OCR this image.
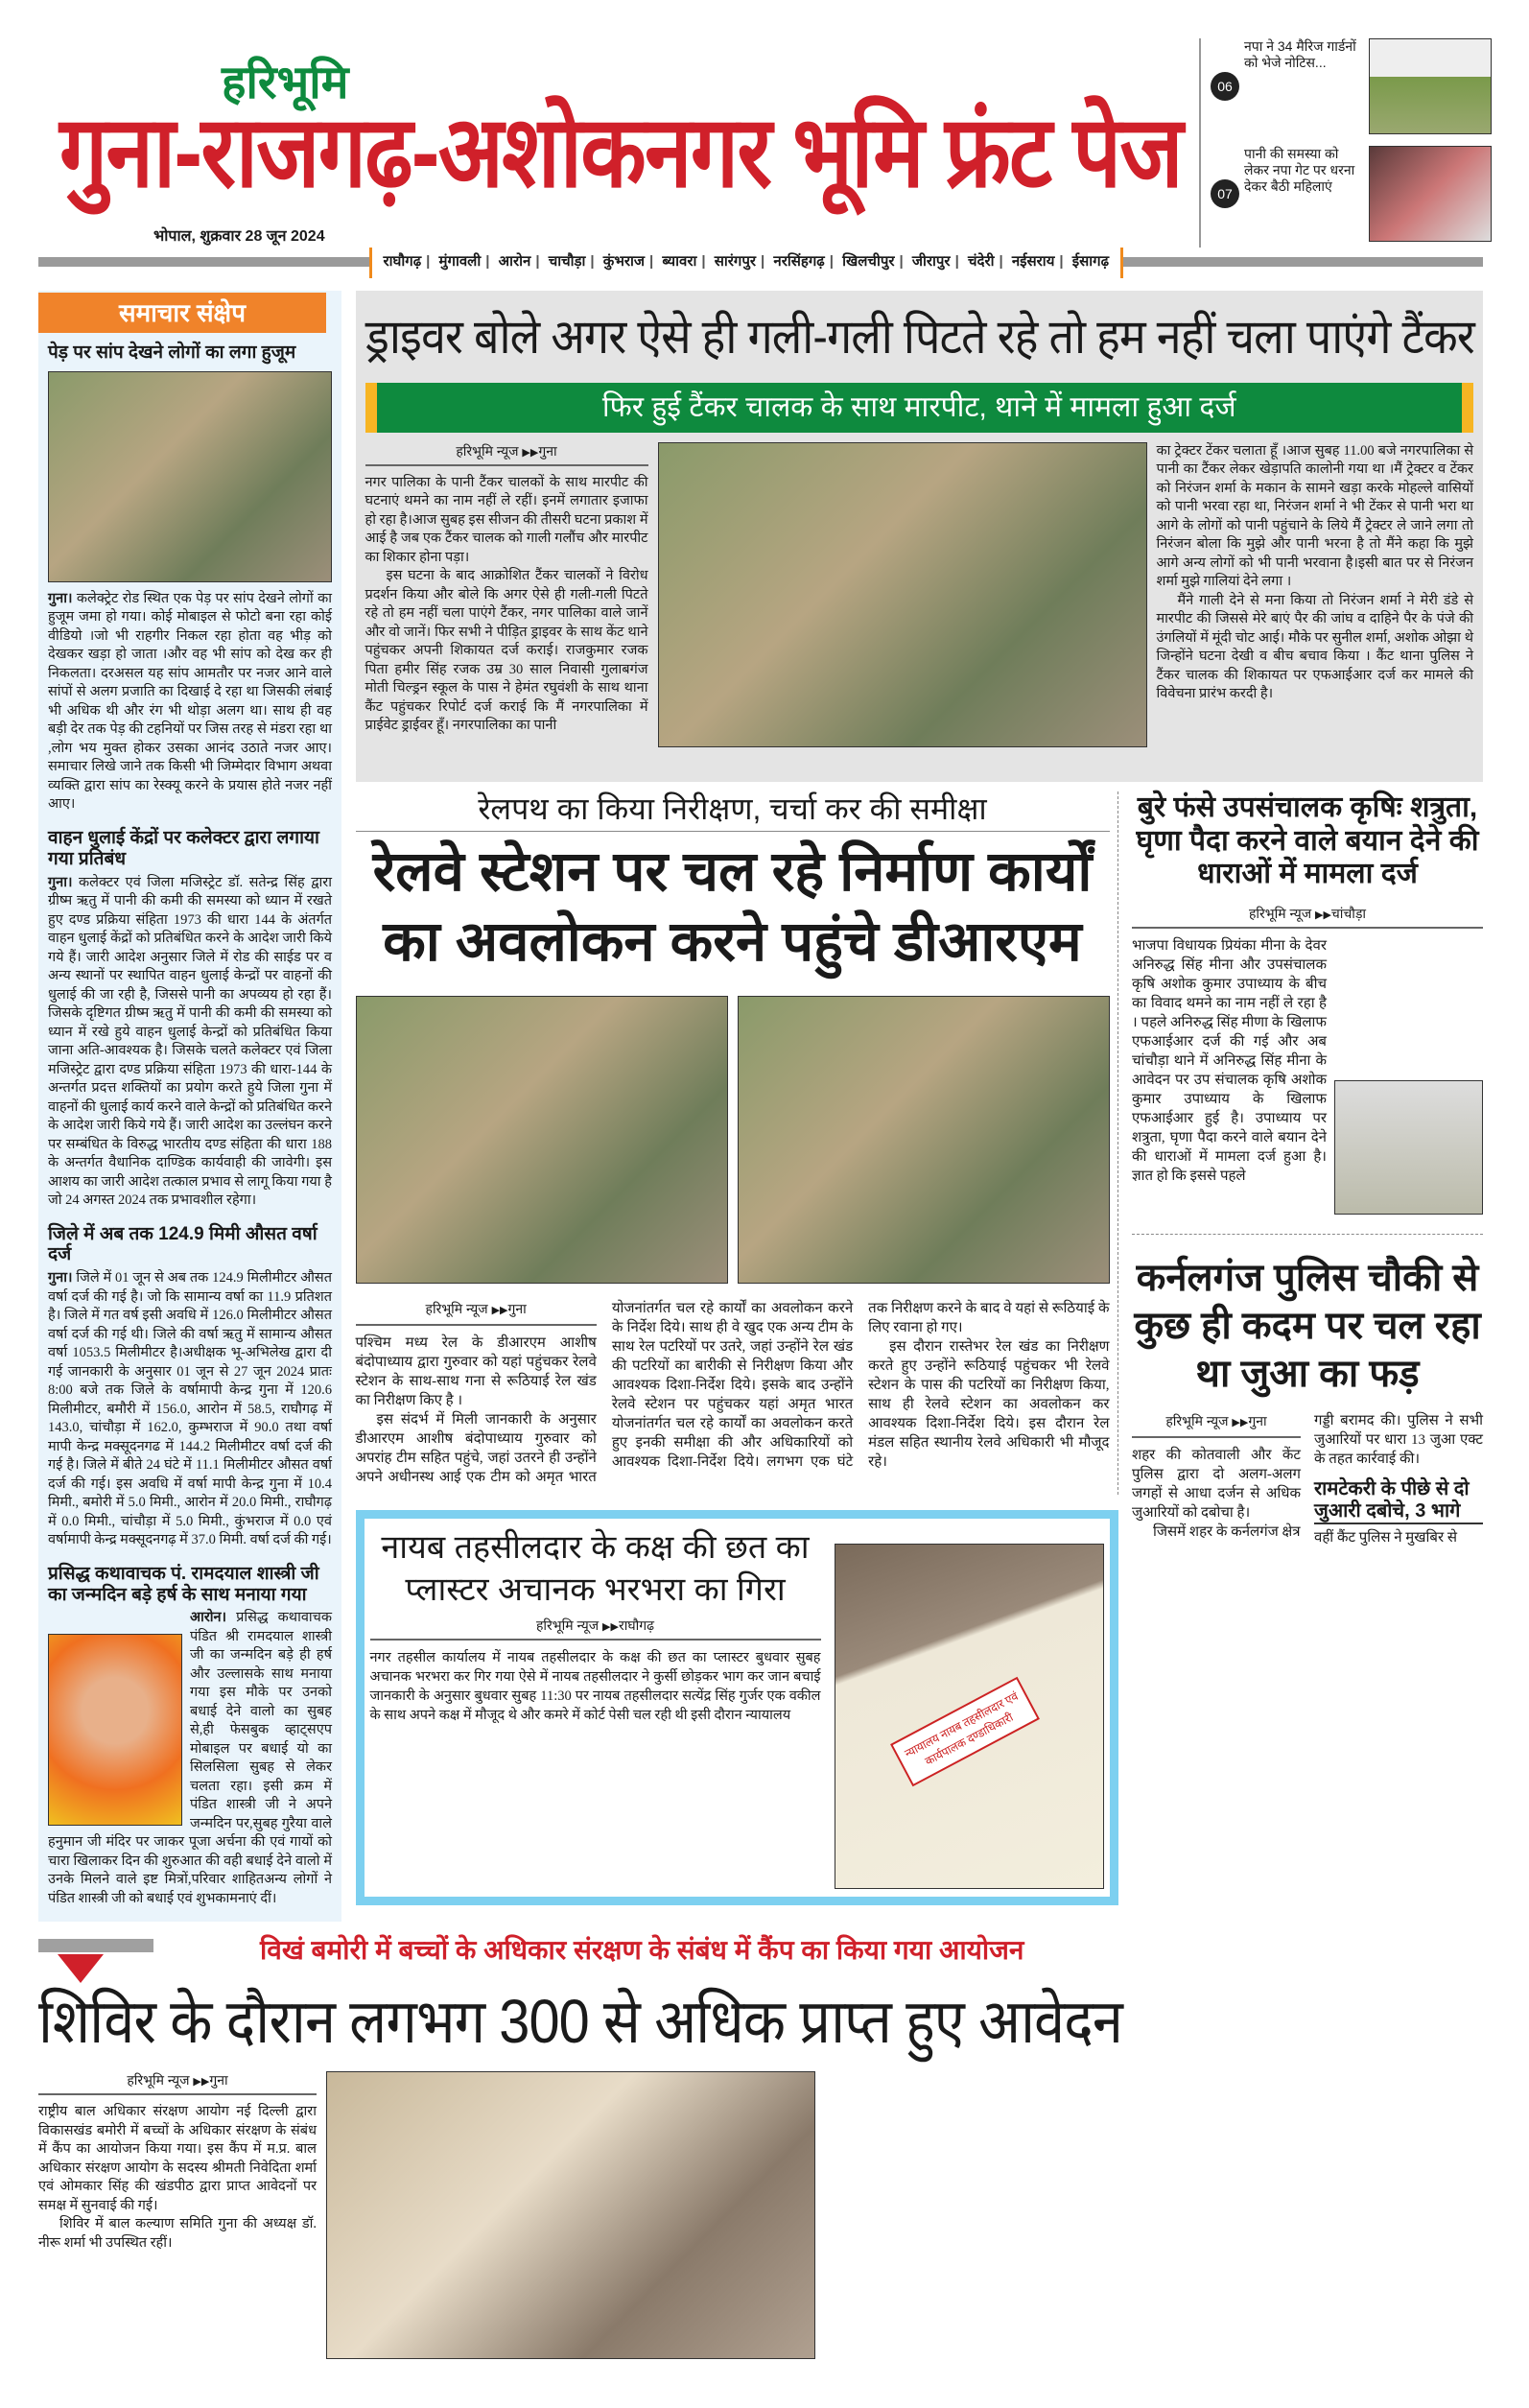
हरिभूमि
गुना-राजगढ़-अशोकनगर भूमि फ्रंट पेज
भोपाल, शुक्रवार 28 जून 2024
06
नपा ने 34 मैरिज गार्डनों को भेजे नोटिस...
07
पानी की समस्या को लेकर नपा गेट पर धरना देकर बैठी महिलाएं
राघौगढ़ | मुंगावली | आरोन | चाचौड़ा | कुंभराज | ब्यावरा | सारंगपुर | नरसिंहगढ़ | खिलचीपुर | जीरापुर | चंदेरी | नईसराय | ईसागढ़
समाचार संक्षेप
पेड़ पर सांप देखने लोगों का लगा हुजूम
गुना। कलेक्ट्रेट रोड स्थित एक पेड़ पर सांप देखने लोगों का हुजूम जमा हो गया। कोई मोबाइल से फोटो बना रहा कोई वीडियो ।जो भी राहगीर निकल रहा होता वह भीड़ को देखकर खड़ा हो जाता ।और वह भी सांप को देख कर ही निकलता। दरअसल यह सांप आमतौर पर नजर आने वाले सांपों से अलग प्रजाति का दिखाई दे रहा था जिसकी लंबाई भी अधिक थी और रंग भी थोड़ा अलग था। साथ ही वह बड़ी देर तक पेड़ की टहनियों पर जिस तरह से मंडरा रहा था ,लोग भय मुक्त होकर उसका आनंद उठाते नजर आए। समाचार लिखे जाने तक किसी भी जिम्मेदार विभाग अथवा व्यक्ति द्वारा सांप का रेस्क्यू करने के प्रयास होते नजर नहीं आए।
वाहन धुलाई केंद्रों पर कलेक्टर द्वारा लगाया गया प्रतिबंध
गुना। कलेक्टर एवं जिला मजिस्ट्रेट डॉ. सतेन्द्र सिंह द्वारा ग्रीष्म ऋतु में पानी की कमी की समस्या को ध्यान में रखते हुए दण्ड प्रक्रिया संहिता 1973 की धारा 144 के अंतर्गत वाहन धुलाई केंद्रों को प्रतिबंधित करने के आदेश जारी किये गये हैं। जारी आदेश अनुसार जिले में रोड की साईड पर व अन्य स्थानों पर स्थापित वाहन धुलाई केन्द्रों पर वाहनों की धुलाई की जा रही है, जिससे पानी का अपव्यय हो रहा हैं। जिसके दृष्टिगत ग्रीष्म ऋतु में पानी की कमी की समस्या को ध्यान में रखे हुये वाहन धुलाई केन्द्रों को प्रतिबंधित किया जाना अति-आवश्यक है। जिसके चलते कलेक्टर एवं जिला मजिस्ट्रेट द्वारा दण्ड प्रक्रिया संहिता 1973 की धारा-144 के अन्तर्गत प्रदत्त शक्तियों का प्रयोग करते हुये जिला गुना में वाहनों की धुलाई कार्य करने वाले केन्द्रों को प्रतिबंधित करने के आदेश जारी किये गये हैं। जारी आदेश का उल्लंघन करने पर सम्बंधित के विरुद्ध भारतीय दण्ड संहिता की धारा 188 के अन्तर्गत वैधानिक दाण्डिक कार्यवाही की जावेगी। इस आशय का जारी आदेश तत्काल प्रभाव से लागू किया गया है जो 24 अगस्त 2024 तक प्रभावशील रहेगा।
जिले में अब तक 124.9 मिमी औसत वर्षा दर्ज
गुना। जिले में 01 जून से अब तक 124.9 मिलीमीटर औसत वर्षा दर्ज की गई है। जो कि सामान्य वर्षा का 11.9 प्रतिशत है। जिले में गत वर्ष इसी अवधि में 126.0 मिलीमीटर औसत वर्षा दर्ज की गई थी। जिले की वर्षा ऋतु में सामान्य औसत वर्षा 1053.5 मिलीमीटर है।अधीक्षक भू-अभिलेख द्वारा दी गई जानकारी के अनुसार 01 जून से 27 जून 2024 प्रातः 8:00 बजे तक जिले के वर्षामापी केन्द्र गुना में 120.6 मिलीमीटर, बमौरी में 156.0, आरोन में 58.5, राघौगढ़ में 143.0, चांचौड़ा में 162.0, कुम्भराज में 90.0 तथा वर्षा मापी केन्द्र मक्सूदनगढ में 144.2 मिलीमीटर वर्षा दर्ज की गई है। जिले में बीते 24 घंटे में 11.1 मिलीमीटर औसत वर्षा दर्ज की गई। इस अवधि में वर्षा मापी केन्द्र गुना में 10.4 मिमी., बमोरी में 5.0 मिमी., आरोन में 20.0 मिमी., राघौगढ़ में 0.0 मिमी., चांचौड़ा में 5.0 मिमी., कुंभराज में 0.0 एवं वर्षामापी केन्द्र मक्सूदनगढ़ में 37.0 मिमी. वर्षा दर्ज की गई।
प्रसिद्ध कथावाचक पं. रामदयाल शास्त्री जी का जन्मदिन बड़े हर्ष के साथ मनाया गया
आरोन। प्रसिद्ध कथावाचक पंडित श्री रामदयाल शास्त्री जी का जन्मदिन बड़े ही हर्ष और उल्लासके साथ मनाया गया इस मौके पर उनको बधाई देने वालो का सुबह से,ही फेसबुक व्हाट्सएप मोबाइल पर बधाई यो का सिलसिला सुबह से लेकर चलता रहा। इसी क्रम में पंडित शास्त्री जी ने अपने जन्मदिन पर,सुबह गुरैया वाले हनुमान जी मंदिर पर जाकर पूजा अर्चना की एवं गायों को चारा खिलाकर दिन की शुरुआत की वही बधाई देने वालो में उनके मिलने वाले इष्ट मित्रों,परिवार शाहितअन्य लोगों ने पंडित शास्त्री जी को बधाई एवं शुभकामनाएं दीं।
ड्राइवर बोले अगर ऐसे ही गली-गली पिटते रहे तो हम नहीं चला पाएंगे टैंकर
फिर हुई टैंकर चालक के साथ मारपीट, थाने में मामला हुआ दर्ज
हरिभूमि न्यूज ▶▶गुना

नगर पालिका के पानी टैंकर चालकों के साथ मारपीट की घटनाएं थमने का नाम नहीं ले रहीं। इनमें लगातार इजाफा हो रहा है।आज सुबह इस सीजन की तीसरी घटना प्रकाश में आई है जब एक टैंकर चालक को गाली गलौंच और मारपीट का शिकार होना पड़ा।

इस घटना के बाद आक्रोशित टैंकर चालकों ने विरोध प्रदर्शन किया और बोले कि अगर ऐसे ही गली-गली पिटते रहे तो हम नहीं चला पाएंगे टैंकर, नगर पालिका वाले जानें और वो जानें। फिर सभी ने पीड़ित ड्राइवर के साथ केंट थाने पहुंचकर अपनी शिकायत दर्ज कराई। राजकुमार रजक पिता हमीर सिंह रजक उम्र 30 साल निवासी गुलाबगंज मोती चिल्ड्रन स्कूल के पास ने हेमंत रघुवंशी के साथ थाना कैंट पहुंचकर रिपोर्ट दर्ज कराई कि मैं नगरपालिका में प्राईवेट ड्राईवर हूँ। नगरपालिका का पानी

का ट्रेक्टर टेंकर चलाता हूँ ।आज सुबह 11.00 बजे नगरपालिका से पानी का टैंकर लेकर खेड़ापति कालोनी गया था ।मैं ट्रेक्टर व टेंकर को निरंजन शर्मा के मकान के सामने खड़ा करके मोहल्ले वासियों को पानी भरवा रहा था, निरंजन शर्मा ने भी टेंकर से पानी भरा था आगे के लोगों को पानी पहुंचाने के लिये मैं ट्रेक्टर ले जाने लगा तो निरंजन बोला कि मुझे और पानी भरना है तो मैंने कहा कि मुझे आगे अन्य लोगों को भी पानी भरवाना है।इसी बात पर से निरंजन शर्मा मुझे गालियां देने लगा ।

मैंने गाली देने से मना किया तो निरंजन शर्मा ने मेरी डंडे से मारपीट की जिससे मेरे बाएं पैर की जांघ व दाहिने पैर के पंजे की उंगलियों में मूंदी चोट आई। मौके पर सुनील शर्मा, अशोक ओझा थे जिन्होंने घटना देखी व बीच बचाव किया । कैंट थाना पुलिस ने टैंकर चालक की शिकायत पर एफआईआर दर्ज कर मामले की विवेचना प्रारंभ करदी है।

रेलपथ का किया निरीक्षण, चर्चा कर की समीक्षा
रेलवे स्टेशन पर चल रहे निर्माण कार्यों का अवलोकन करने पहुंचे डीआरएम
हरिभूमि न्यूज ▶▶गुना

पश्चिम मध्य रेल के डीआरएम आशीष बंदोपाध्याय द्वारा गुरुवार को यहां पहुंचकर रेलवे स्टेशन के साथ-साथ गना से रूठियाई रेल खंड का निरीक्षण किए है ।

इस संदर्भ में मिली जानकारी के अनुसार डीआरएम आशीष बंदोपाध्याय गुरुवार को अपरांह टीम सहित पहुंचे, जहां उतरने ही उन्होंने अपने अधीनस्थ आई एक टीम को अमृत भारत योजनांतर्गत चल रहे कार्यों का अवलोकन करने के निर्देश दिये। साथ ही वे खुद एक अन्य टीम के साथ रेल पटरियों पर उतरे, जहां उन्होंने रेल खंड की पटरियों का बारीकी से निरीक्षण किया और आवश्यक दिशा-निर्देश दिये। इसके बाद उन्होंने रेलवे स्टेशन पर पहुंचकर यहां अमृत भारत योजनांतर्गत चल रहे कार्यों का अवलोकन करते हुए इनकी समीक्षा की और अधिकारियों को आवश्यक दिशा-निर्देश दिये। लगभग एक घंटे तक निरीक्षण करने के बाद वे यहां से रूठियाई के लिए रवाना हो गए।

इस दौरान रास्तेभर रेल खंड का निरीक्षण करते हुए उन्होंने रूठियाई पहुंचकर भी रेलवे स्टेशन के पास की पटरियों का निरीक्षण किया, साथ ही रेलवे स्टेशन का अवलोकन कर आवश्यक दिशा-निर्देश दिये। इस दौरान रेल मंडल सहित स्थानीय रेलवे अधिकारी भी मौजूद रहे।

नायब तहसीलदार के कक्ष की छत का प्लास्टर अचानक भरभरा का गिरा
हरिभूमि न्यूज ▶▶राघौगढ़
नगर तहसील कार्यालय में नायब तहसीलदार के कक्ष की छत का प्लास्टर बुधवार सुबह अचानक भरभरा कर गिर गया ऐसे में नायब तहसीलदार ने कुर्सी छोड़कर भाग कर जान बचाई जानकारी के अनुसार बुधवार सुबह 11:30 पर नायब तहसीलदार सत्येंद्र सिंह गुर्जर एक वकील के साथ अपने कक्ष में मौजूद थे और कमरे में कोर्ट पेसी चल रही थी इसी दौरान न्यायालय	न्यायालय नायब तहसीलदार एवं कार्यपालक दण्डाधिकारी
बुरे फंसे उपसंचालक कृषिः शत्रुता, घृणा पैदा करने वाले बयान देने की धाराओं में मामला दर्ज
हरिभूमि न्यूज ▶▶चांचौड़ा
भाजपा विधायक प्रियंका मीना के देवर अनिरुद्ध सिंह मीना और उपसंचालक कृषि अशोक कुमार उपाध्याय के बीच का विवाद थमने का नाम नहीं ले रहा है । पहले अनिरुद्ध सिंह मीणा के खिलाफ एफआईआर दर्ज की गई और अब चांचौड़ा थाने में अनिरुद्ध सिंह मीना के आवेदन पर उप संचालक कृषि अशोक कुमार उपाध्याय के खिलाफ एफआईआर हुई है। उपाध्याय पर शत्रुता, घृणा पैदा करने वाले बयान देने की धाराओं में मामला दर्ज हुआ है। ज्ञात हो कि इससे पहले
कर्नलगंज पुलिस चौकी से कुछ ही कदम पर चल रहा था जुआ का फड़
हरिभूमि न्यूज ▶▶गुना

शहर की कोतवाली और केंट पुलिस द्वारा दो अलग-अलग जगहों से आधा दर्जन से अधिक जुआरियों को दबोचा है।

जिसमें शहर के कर्नलगंज क्षेत्र

गड्डी बरामद की। पुलिस ने सभी जुआरियों पर धारा 13 जुआ एक्ट के तहत कार्रवाई की।

रामटेकरी के पीछे से दो जुआरी दबोचे, 3 भागे

वहीं कैंट पुलिस ने मुखबिर से

विखं बमोरी में बच्चों के अधिकार संरक्षण के संबंध में कैंप का किया गया आयोजन
शिविर के दौरान लगभग 300 से अधिक प्राप्त हुए आवेदन
हरिभूमि न्यूज ▶▶गुना

राष्ट्रीय बाल अधिकार संरक्षण आयोग नई दिल्ली द्वारा विकासखंड बमोरी में बच्चों के अधिकार संरक्षण के संबंध में कैंप का आयोजन किया गया। इस कैंप में म.प्र. बाल अधिकार संरक्षण आयोग के सदस्य श्रीमती निवेदिता शर्मा एवं ओमकार सिंह की खंडपीठ द्वारा प्राप्त आवेदनों पर समक्ष में सुनवाई की गई।

शिविर में बाल कल्याण समिति गुना की अध्यक्ष डॉ. नीरू शर्मा भी उपस्थित रहीं।
